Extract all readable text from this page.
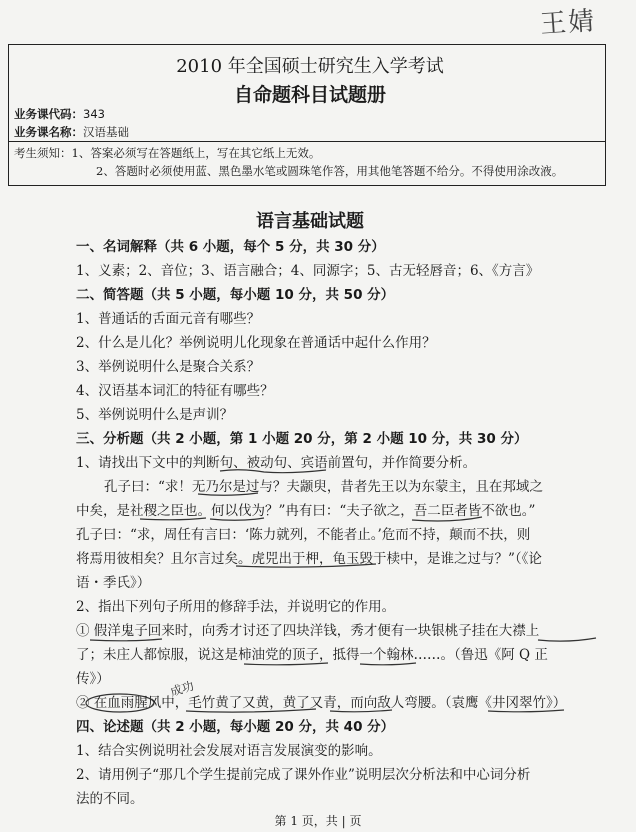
王婧
2010 年全国硕士研究生入学考试
自命题科目试题册
业务课代码：343
业务课名称：汉语基础
考生须知：1、答案必须写在答题纸上，写在其它纸上无效。
2、答题时必须使用蓝、黑色墨水笔或圆珠笔作答，用其他笔答题不给分。不得使用涂改液。
语言基础试题
一、名词解释（共 6 小题，每个 5 分，共 30 分）
1、义素；2、音位；3、语言融合；4、同源字；5、古无轻唇音；6、《方言》
二、简答题（共 5 小题，每小题 10 分，共 50 分）
1、普通话的舌面元音有哪些？
2、什么是儿化？举例说明儿化现象在普通话中起什么作用？
3、举例说明什么是聚合关系？
4、汉语基本词汇的特征有哪些？
5、举例说明什么是声训？
三、分析题（共 2 小题，第 1 小题 20 分，第 2 小题 10 分，共 30 分）
1、请找出下文中的判断句、被动句、宾语前置句，并作简要分析。
孔子曰：“求！无乃尔是过与？夫颛臾，昔者先王以为东蒙主，且在邦域之
中矣，是社稷之臣也。何以伐为？”冉有曰：“夫子欲之，吾二臣者皆不欲也。”
孔子曰：“求，周任有言曰：‘陈力就列，不能者止。’危而不持，颠而不扶，则
将焉用彼相矣？且尔言过矣。虎兕出于柙，龟玉毁于椟中，是谁之过与？”（《论
语・季氏》）
2、指出下列句子所用的修辞手法，并说明它的作用。
① 假洋鬼子回来时，向秀才讨还了四块洋钱，秀才便有一块银桃子挂在大襟上
了；未庄人都惊服，说这是柿油党的顶子，抵得一个翰林……。（鲁迅《阿 Q 正
传》）
② 在血雨腥风中，毛竹黄了又黄，黄了又青，而向敌人弯腰。（袁鹰《井冈翠竹》）
四、论述题（共 2 小题，每小题 20 分，共 40 分）
1、结合实例说明社会发展对语言发展演变的影响。
2、请用例子“那几个学生提前完成了课外作业”说明层次分析法和中心词分析
法的不同。
成功
第 1 页，共 | 页
